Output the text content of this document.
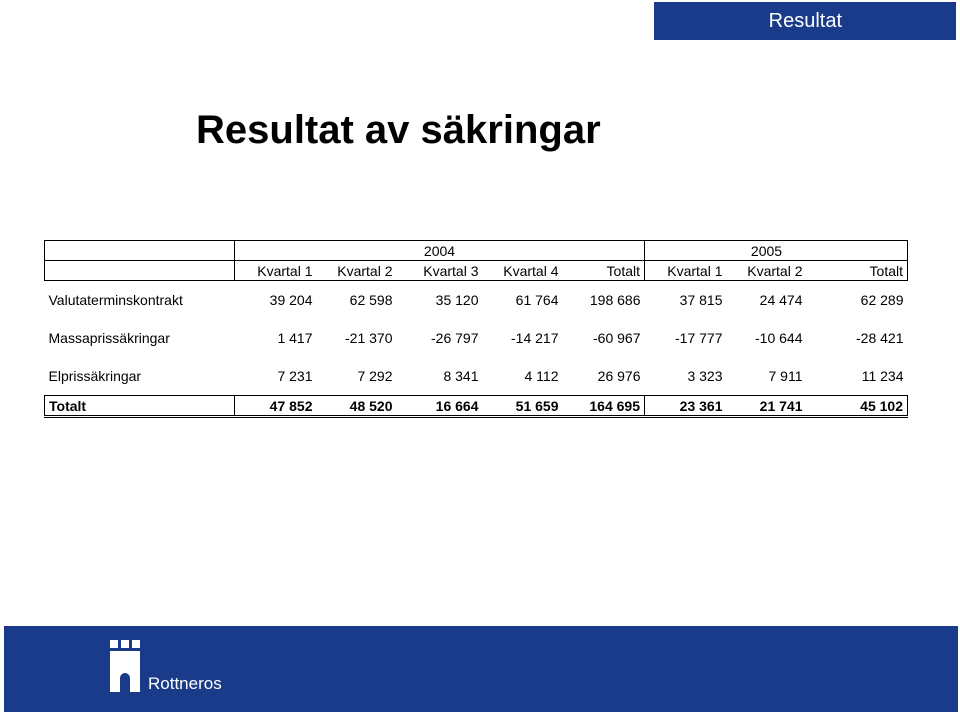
Resultat
Resultat av säkringar
			2004				2005	
	Kvartal 1	Kvartal 2	Kvartal 3	Kvartal 4	Totalt	Kvartal 1	Kvartal 2	Totalt
Valutaterminskontrakt	39 204	62 598	35 120	61 764	198 686	37 815	24 474	62 289
Massaprissäkringar	1 417	-21 370	-26 797	-14 217	-60 967	-17 777	-10 644	-28 421
Elprissäkringar	7 231	7 292	8 341	4 112	26 976	3 323	7 911	11 234
Totalt	47 852	48 520	16 664	51 659	164 695	23 361	21 741	45 102
Rottneros
